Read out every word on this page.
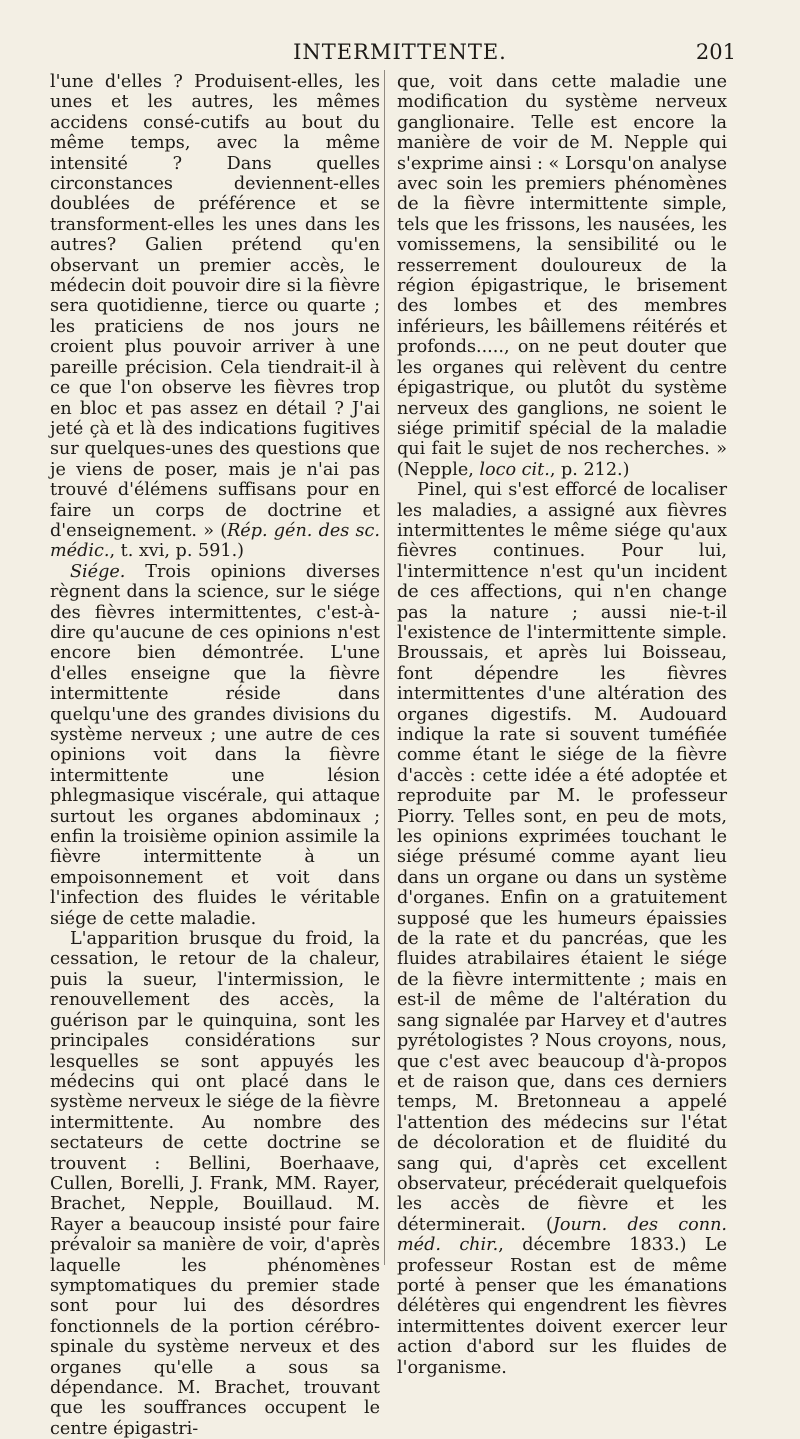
INTERMITTENTE.	201

l'une d'elles ? Produisent-elles, les unes et les autres, les mêmes accidens consé-cutifs au bout du même temps, avec la même intensité ? Dans quelles circonstances deviennent-elles doublées de préférence et se transforment-elles les unes dans les autres? Galien prétend qu'en observant un premier accès, le médecin doit pouvoir dire si la fièvre sera quotidienne, tierce ou quarte ; les praticiens de nos jours ne croient plus pouvoir arriver à une pareille précision. Cela tiendrait-il à ce que l'on observe les fièvres trop en bloc et pas assez en détail ? J'ai jeté çà et là des indications fugitives sur quelques-unes des questions que je viens de poser, mais je n'ai pas trouvé d'élémens suffisans pour en faire un corps de doctrine et d'enseignement. » (Rép. gén. des sc. médic., t. xvi, p. 591.)

Siége. Trois opinions diverses règnent dans la science, sur le siége des fièvres intermittentes, c'est-à-dire qu'aucune de ces opinions n'est encore bien démontrée. L'une d'elles enseigne que la fièvre intermittente réside dans quelqu'une des grandes divisions du système nerveux ; une autre de ces opinions voit dans la fièvre intermittente une lésion phlegmasique viscérale, qui attaque surtout les organes abdominaux ; enfin la troisième opinion assimile la fièvre intermittente à un empoisonnement et voit dans l'infection des fluides le véritable siége de cette maladie.

L'apparition brusque du froid, la cessation, le retour de la chaleur, puis la sueur, l'intermission, le renouvellement des accès, la guérison par le quinquina, sont les principales considérations sur lesquelles se sont appuyés les médecins qui ont placé dans le système nerveux le siége de la fièvre intermittente. Au nombre des sectateurs de cette doctrine se trouvent : Bellini, Boerhaave, Cullen, Borelli, J. Frank, MM. Rayer, Brachet, Nepple, Bouillaud. M. Rayer a beaucoup insisté pour faire prévaloir sa manière de voir, d'après laquelle les phénomènes symptomatiques du premier stade sont pour lui des désordres fonctionnels de la portion cérébro-spinale du système nerveux et des organes qu'elle a sous sa dépendance. M. Brachet, trouvant que les souffrances occupent le centre épigastri-

que, voit dans cette maladie une modification du système nerveux ganglionaire. Telle est encore la manière de voir de M. Nepple qui s'exprime ainsi : « Lorsqu'on analyse avec soin les premiers phénomènes de la fièvre intermittente simple, tels que les frissons, les nausées, les vomissemens, la sensibilité ou le resserrement douloureux de la région épigastrique, le brisement des lombes et des membres inférieurs, les bâillemens réitérés et profonds....., on ne peut douter que les organes qui relèvent du centre épigastrique, ou plutôt du système nerveux des ganglions, ne soient le siége primitif spécial de la maladie qui fait le sujet de nos recherches. » (Nepple, loco cit., p. 212.)

Pinel, qui s'est efforcé de localiser les maladies, a assigné aux fièvres intermittentes le même siége qu'aux fièvres continues. Pour lui, l'intermittence n'est qu'un incident de ces affections, qui n'en change pas la nature ; aussi nie-t-il l'existence de l'intermittente simple. Broussais, et après lui Boisseau, font dépendre les fièvres intermittentes d'une altération des organes digestifs. M. Audouard indique la rate si souvent tuméfiée comme étant le siége de la fièvre d'accès : cette idée a été adoptée et reproduite par M. le professeur Piorry. Telles sont, en peu de mots, les opinions exprimées touchant le siége présumé comme ayant lieu dans un organe ou dans un système d'organes. Enfin on a gratuitement supposé que les humeurs épaissies de la rate et du pancréas, que les fluides atrabilaires étaient le siége de la fièvre intermittente ; mais en est-il de même de l'altération du sang signalée par Harvey et d'autres pyrétologistes ? Nous croyons, nous, que c'est avec beaucoup d'à-propos et de raison que, dans ces derniers temps, M. Bretonneau a appelé l'attention des médecins sur l'état de décoloration et de fluidité du sang qui, d'après cet excellent observateur, précéderait quelquefois les accès de fièvre et les déterminerait. (Journ. des conn. méd. chir., décembre 1833.) Le professeur Rostan est de même porté à penser que les émanations délétères qui engendrent les fièvres intermittentes doivent exercer leur action d'abord sur les fluides de l'organisme.
